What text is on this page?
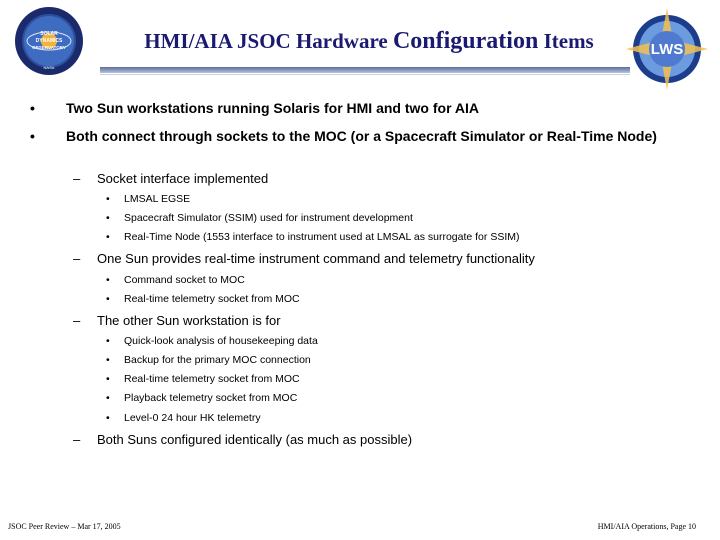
SOLAR
DYNAMICS
OBSERVATORY
NASA
LWS
HMI/AIA JSOC Hardware Configuration Items
• Two Sun workstations running Solaris for HMI and two for AIA
• Both connect through sockets to the MOC (or a Spacecraft Simulator or Real-Time Node)
– Socket interface implemented
• LMSAL EGSE
• Spacecraft Simulator (SSIM) used for instrument development
• Real-Time Node (1553 interface to instrument used at LMSAL as surrogate for SSIM)
– One Sun provides real-time instrument command and telemetry functionality
• Command socket to MOC
• Real-time telemetry socket from MOC
– The other Sun workstation is for
• Quick-look analysis of housekeeping data
• Backup for the primary MOC connection
• Real-time telemetry socket from MOC
• Playback telemetry socket from MOC
• Level-0 24 hour HK telemetry
– Both Suns configured identically (as much as possible)
JSOC Peer Review – Mar 17, 2005	HMI/AIA Operations, Page 10
